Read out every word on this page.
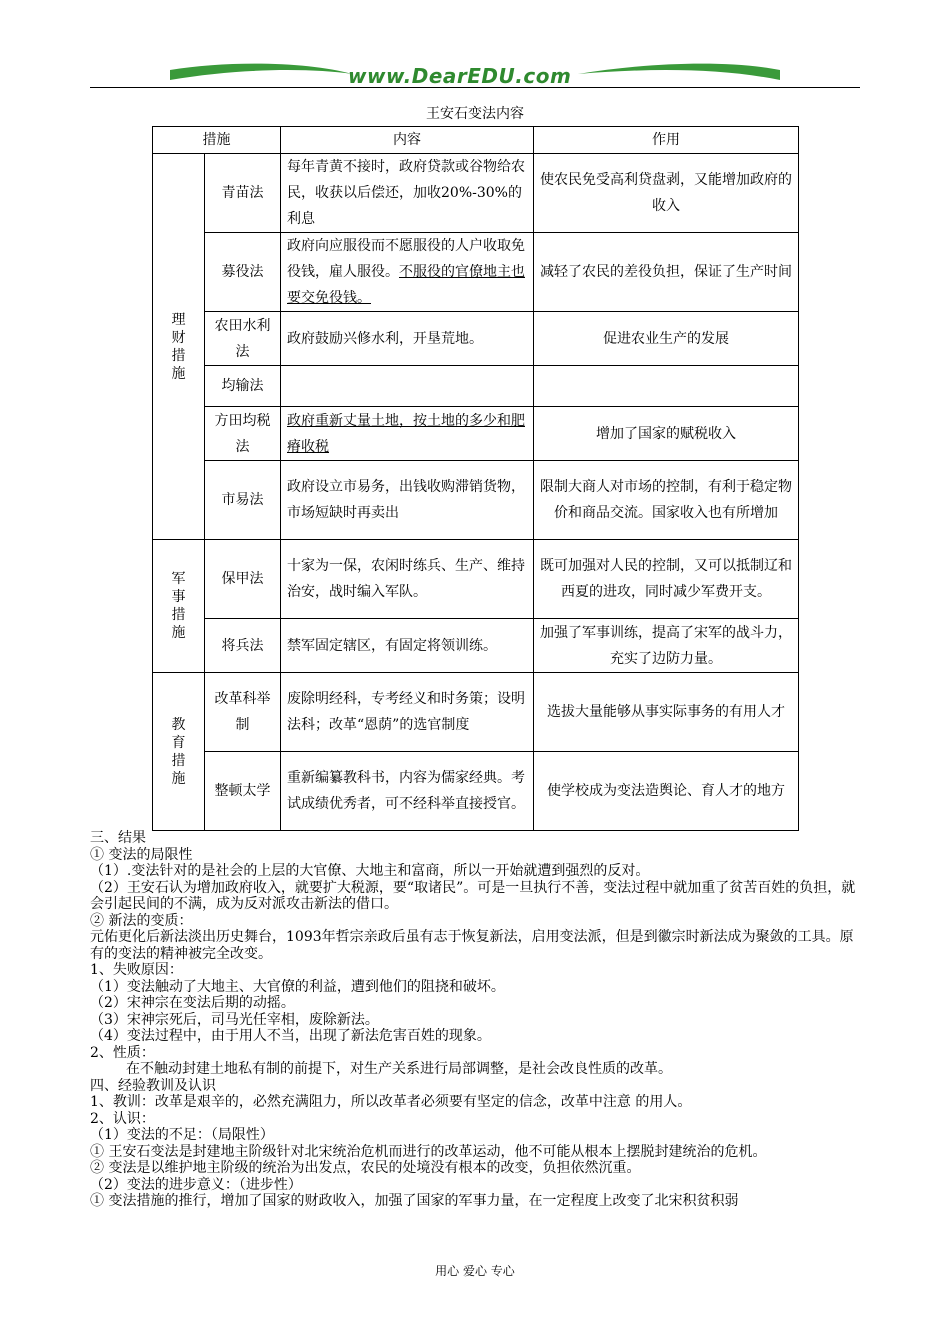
www.DearEDU.com
王安石变法内容
措施		内容	作用
理财措施	青苗法	每年青黄不接时，政府贷款或谷物给农民，收获以后偿还，加收20%-30%的利息	使农民免受高利贷盘剥，又能增加政府的收入
	募役法	政府向应服役而不愿服役的人户收取免役钱，雇人服役。不服役的官僚地主也要交免役钱。	减轻了农民的差役负担，保证了生产时间
	农田水利法	政府鼓励兴修水利，开垦荒地。	促进农业生产的发展
	均输法		
	方田均税法	政府重新丈量土地，按土地的多少和肥瘠收税	增加了国家的赋税收入
	市易法	政府设立市易务，出钱收购滞销货物，市场短缺时再卖出	限制大商人对市场的控制，有利于稳定物价和商品交流。国家收入也有所增加
军事措施	保甲法	十家为一保，农闲时练兵、生产、维持治安，战时编入军队。	既可加强对人民的控制，又可以抵制辽和西夏的进攻，同时减少军费开支。
	将兵法	禁军固定辖区，有固定将领训练。	加强了军事训练，提高了宋军的战斗力，充实了边防力量。
教育措施	改革科举制	废除明经科，专考经义和时务策；设明法科；改革“恩荫”的选官制度	选拔大量能够从事实际事务的有用人才
	整顿太学	重新编纂教科书，内容为儒家经典。考试成绩优秀者，可不经科举直接授官。	使学校成为变法造舆论、育人才的地方

三、结果

① 变法的局限性

（1）.变法针对的是社会的上层的大官僚、大地主和富商，所以一开始就遭到强烈的反对。

（2）王安石认为增加政府收入，就要扩大税源，要“取诸民”。可是一旦执行不善，变法过程中就加重了贫苦百姓的负担，就会引起民间的不满，成为反对派攻击新法的借口。

② 新法的变质：

元佑更化后新法淡出历史舞台，1093年哲宗亲政后虽有志于恢复新法，启用变法派，但是到徽宗时新法成为聚敛的工具。原有的变法的精神被完全改变。

1、失败原因：

（1）变法触动了大地主、大官僚的利益，遭到他们的阻挠和破坏。

（2）宋神宗在变法后期的动摇。

（3）宋神宗死后，司马光任宰相，废除新法。

（4）变法过程中，由于用人不当，出现了新法危害百姓的现象。

2、性质：

在不触动封建土地私有制的前提下，对生产关系进行局部调整，是社会改良性质的改革。

四、经验教训及认识

1、教训：改革是艰辛的，必然充满阻力，所以改革者必须要有坚定的信念，改革中注意 的用人。

2、认识：

（1）变法的不足：（局限性）

① 王安石变法是封建地主阶级针对北宋统治危机而进行的改革运动，他不可能从根本上摆脱封建统治的危机。

② 变法是以维护地主阶级的统治为出发点，农民的处境没有根本的改变，负担依然沉重。

（2）变法的进步意义：（进步性）

① 变法措施的推行，增加了国家的财政收入，加强了国家的军事力量，在一定程度上改变了北宋积贫积弱

用心 爱心 专心
